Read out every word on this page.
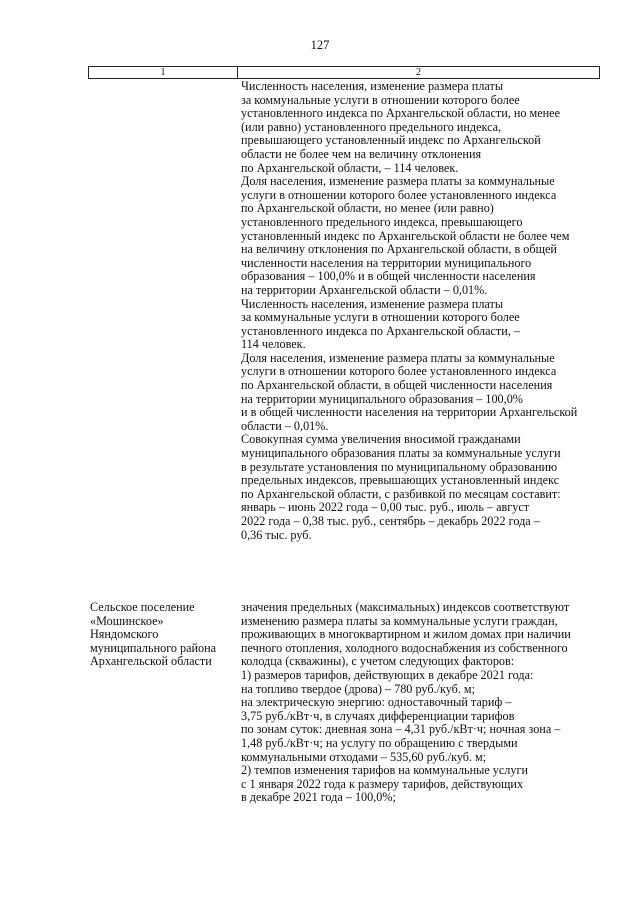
127
1	2
Численность населения, изменение размера платы
за коммунальные услуги в отношении которого более
установленного индекса по Архангельской области, но менее
(или равно) установленного предельного индекса,
превышающего установленный индекс по Архангельской
области не более чем на величину отклонения
по Архангельской области, – 114 человек.
Доля населения, изменение размера платы за коммунальные
услуги в отношении которого более установленного индекса
по Архангельской области, но менее (или равно)
установленного предельного индекса, превышающего
установленный индекс по Архангельской области не более чем
на величину отклонения по Архангельской области, в общей
численности населения на территории муниципального
образования – 100,0% и в общей численности населения
на территории Архангельской области – 0,01%.
Численность населения, изменение размера платы
за коммунальные услуги в отношении которого более
установленного индекса по Архангельской области, –
114 человек.
Доля населения, изменение размера платы за коммунальные
услуги в отношении которого более установленного индекса
по Архангельской области, в общей численности населения
на территории муниципального образования – 100,0%
и в общей численности населения на территории Архангельской
области – 0,01%.
Совокупная сумма увеличения вносимой гражданами
муниципального образования платы за коммунальные услуги
в результате установления по муниципальному образованию
предельных индексов, превышающих установленный индекс
по Архангельской области, с разбивкой по месяцам составит:
январь – июнь 2022 года – 0,00 тыс. руб., июль – август
2022 года – 0,38 тыс. руб., сентябрь – декабрь 2022 года –
0,36 тыс. руб.
Сельское поселение
«Мошинское»
Няндомского
муниципального района
Архангельской области
значения предельных (максимальных) индексов соответствуют
изменению размера платы за коммунальные услуги граждан,
проживающих в многоквартирном и жилом домах при наличии
печного отопления, холодного водоснабжения из собственного
колодца (скважины), с учетом следующих факторов:
1) размеров тарифов, действующих в декабре 2021 года:
на топливо твердое (дрова) – 780 руб./куб. м;
на электрическую энергию: одноставочный тариф –
3,75 руб./кВт·ч, в случаях дифференциации тарифов
по зонам суток: дневная зона – 4,31 руб./кВт·ч; ночная зона –
1,48 руб./кВт·ч; на услугу по обращению с твердыми
коммунальными отходами – 535,60 руб./куб. м;
2) темпов изменения тарифов на коммунальные услуги
с 1 января 2022 года к размеру тарифов, действующих
в декабре 2021 года – 100,0%;
